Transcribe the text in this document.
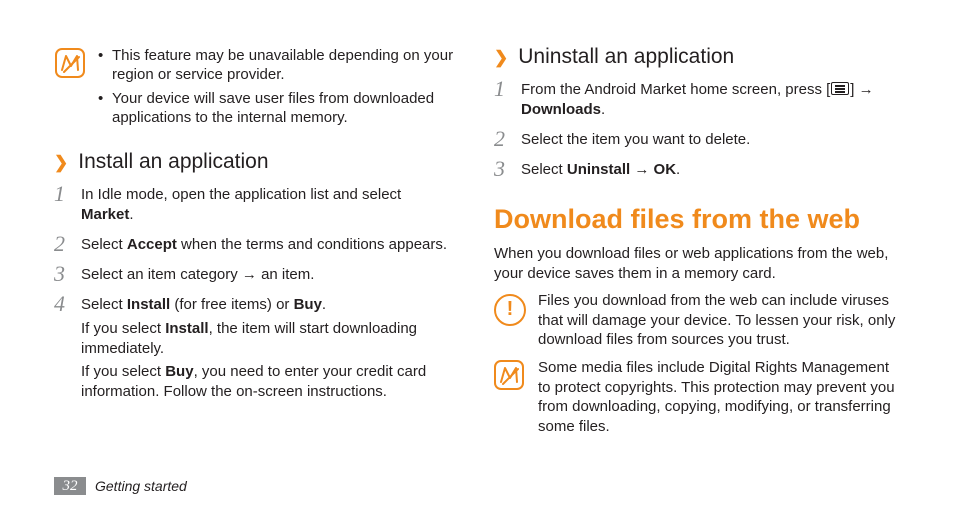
• This feature may be unavailable depending on your region or service provider.
• Your device will save user files from downloaded applications to the internal memory.
❯ Install an application
1	In Idle mode, open the application list and select Market.
2	Select Accept when the terms and conditions appears.
3	Select an item category → an item.
4	Select Install (for free items) or Buy.
If you select Install, the item will start downloading immediately.
If you select Buy, you need to enter your credit card information. Follow the on-screen instructions.
❯ Uninstall an application
1	From the Android Market home screen, press [ ] →
Downloads.
2	Select the item you want to delete.
3	Select Uninstall → OK.
Download files from the web
When you download files or web applications from the web, your device saves them in a memory card.
!	Files you download from the web can include viruses that will damage your device. To lessen your risk, only download files from sources you trust.
Some media files include Digital Rights Management to protect copyrights. This protection may prevent you from downloading, copying, modifying, or transferring some files.
32	Getting started
